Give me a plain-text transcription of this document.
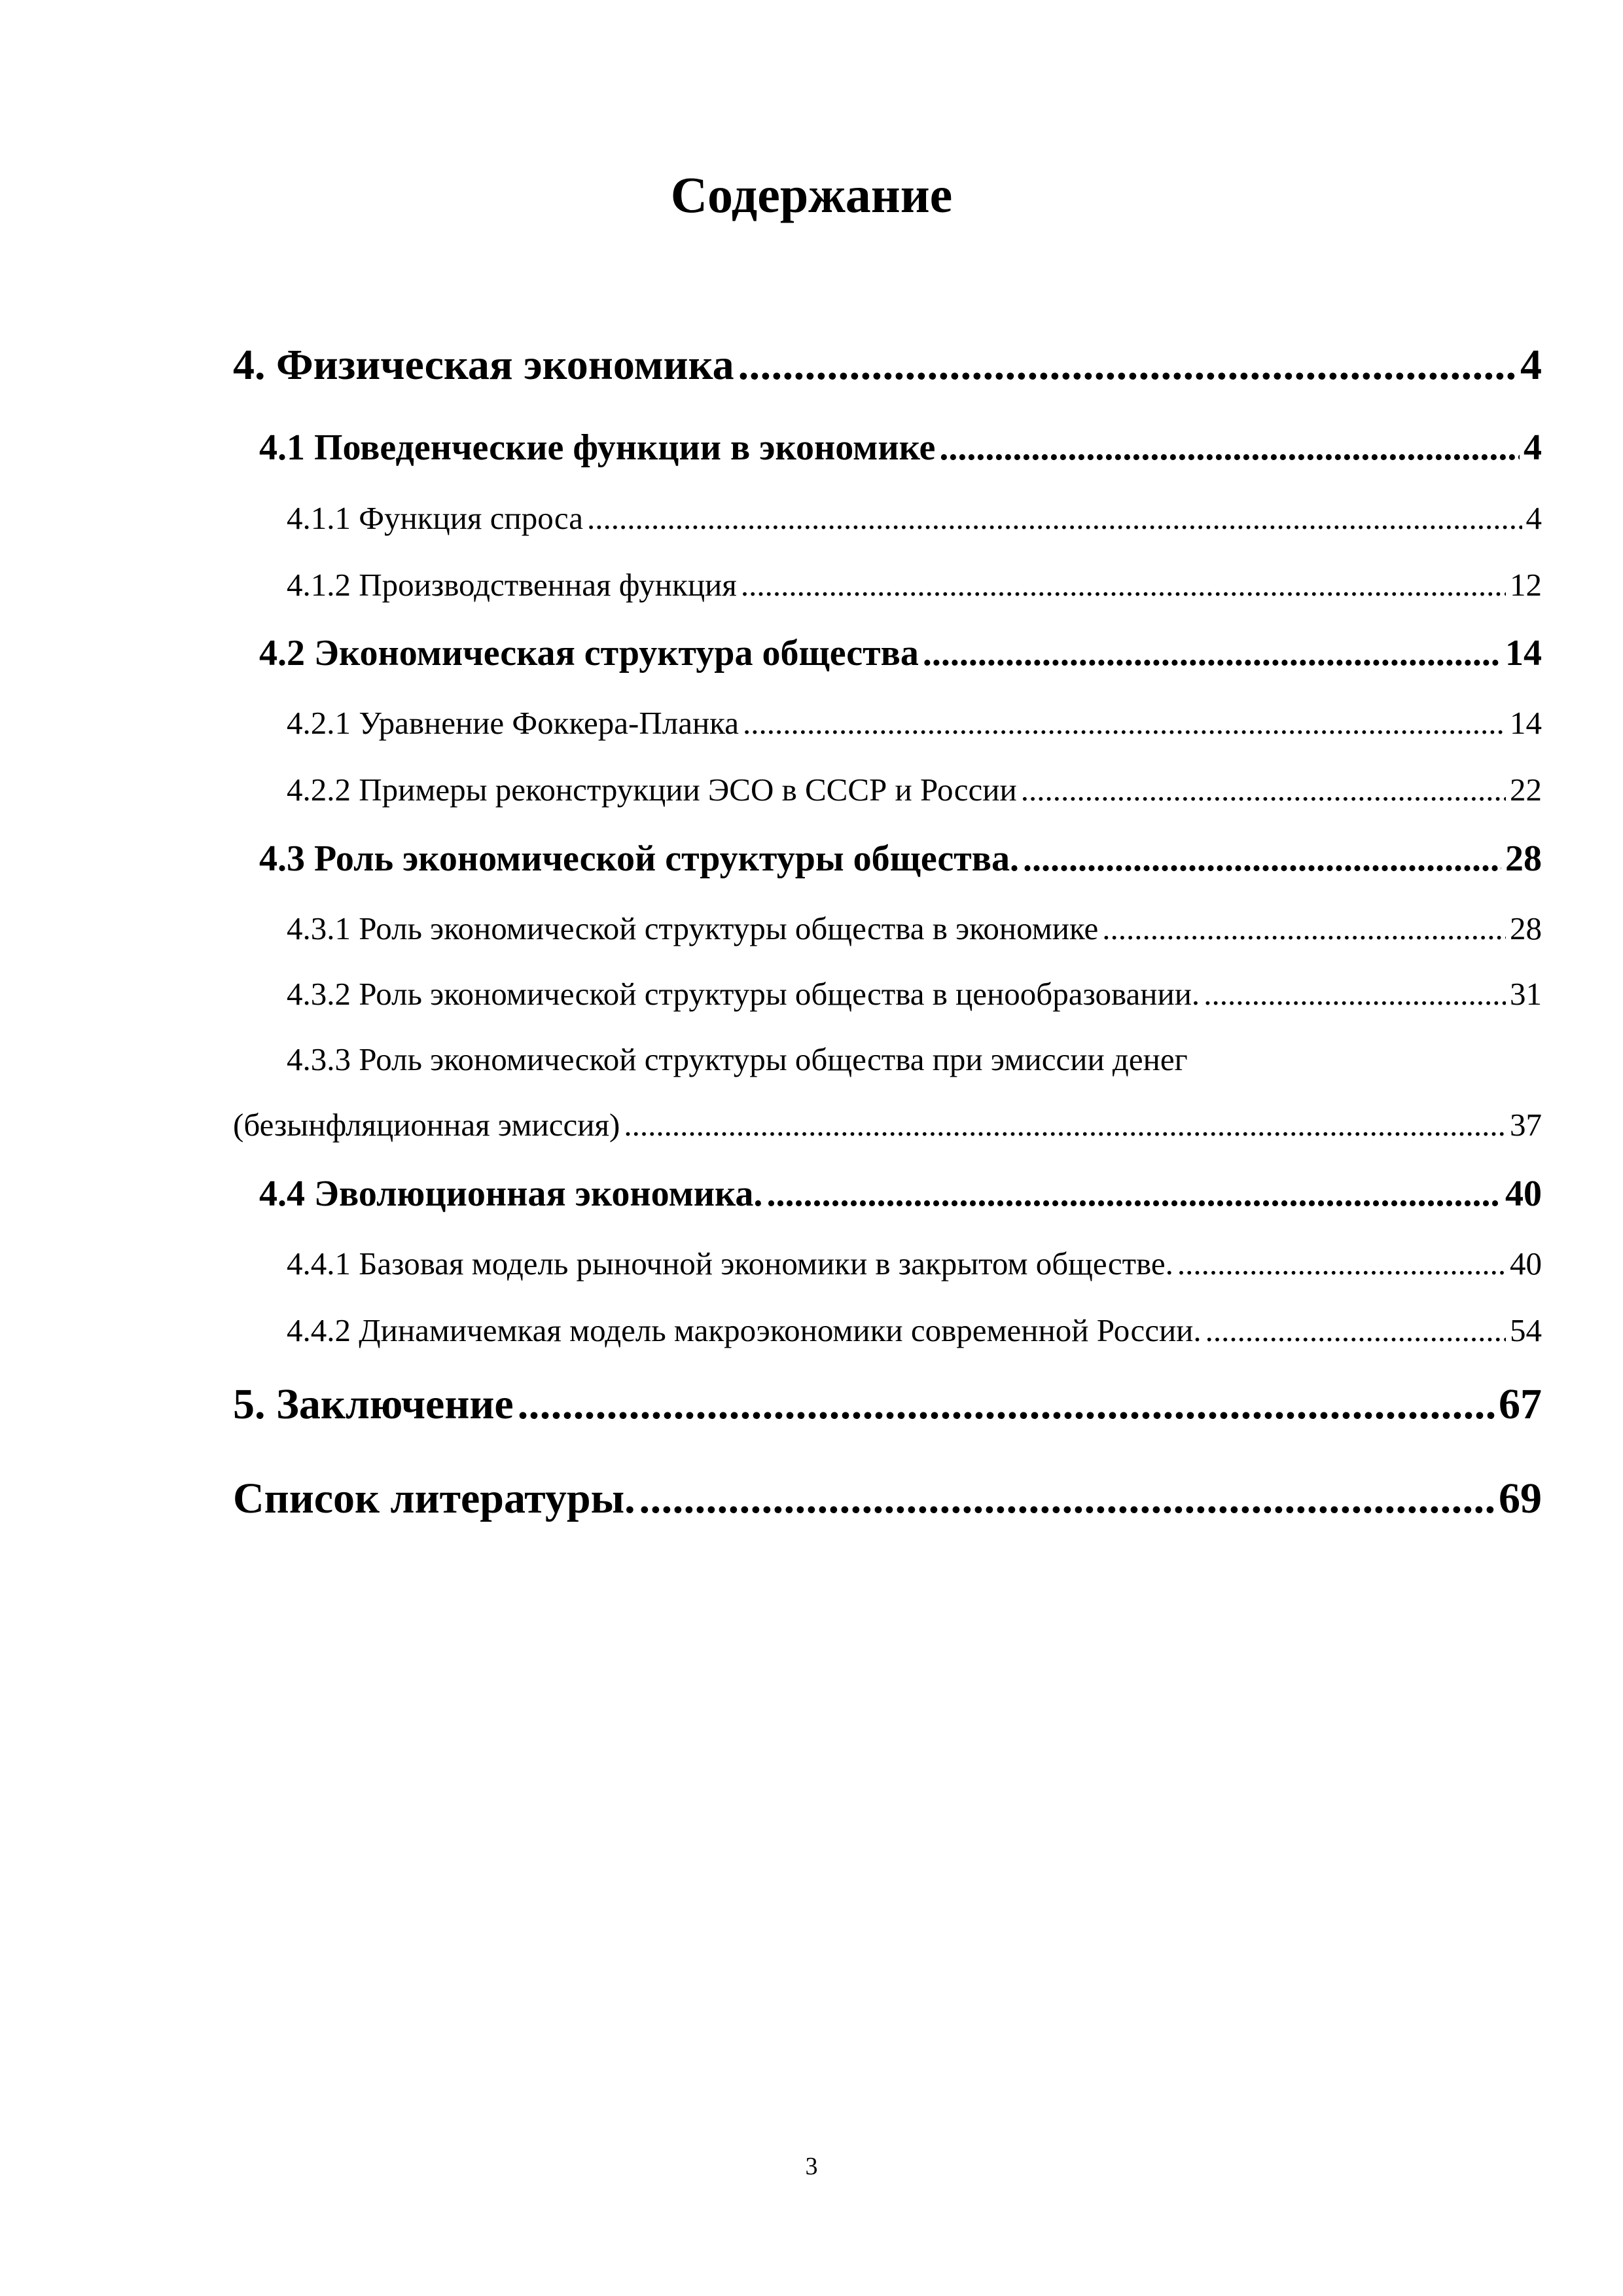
Содержание
4. Физическая экономика .....	4
4.1 Поведенческие функции в экономике .....	4
4.1.1 Функция спроса .....	4
4.1.2 Производственная функция .....	12
4.2 Экономическая структура общества .....	14
4.2.1 Уравнение Фоккера-Планка .....	14
4.2.2 Примеры реконструкции ЭСО в СССР и России .....	22
4.3 Роль экономической структуры общества. .....	28
4.3.1 Роль экономической структуры общества в экономике .....	28
4.3.2 Роль экономической структуры общества в ценообразовании. .....	31
4.3.3 Роль экономической структуры общества при эмиссии денег
(безынфляционная эмиссия) .....	37
4.4 Эволюционная экономика. .....	40
4.4.1 Базовая модель рыночной экономики в закрытом обществе. .....	40
4.4.2 Динамичемкая модель макроэкономики современной России. .....	54
5. Заключение .....	67
Список литературы. .....	69
3
